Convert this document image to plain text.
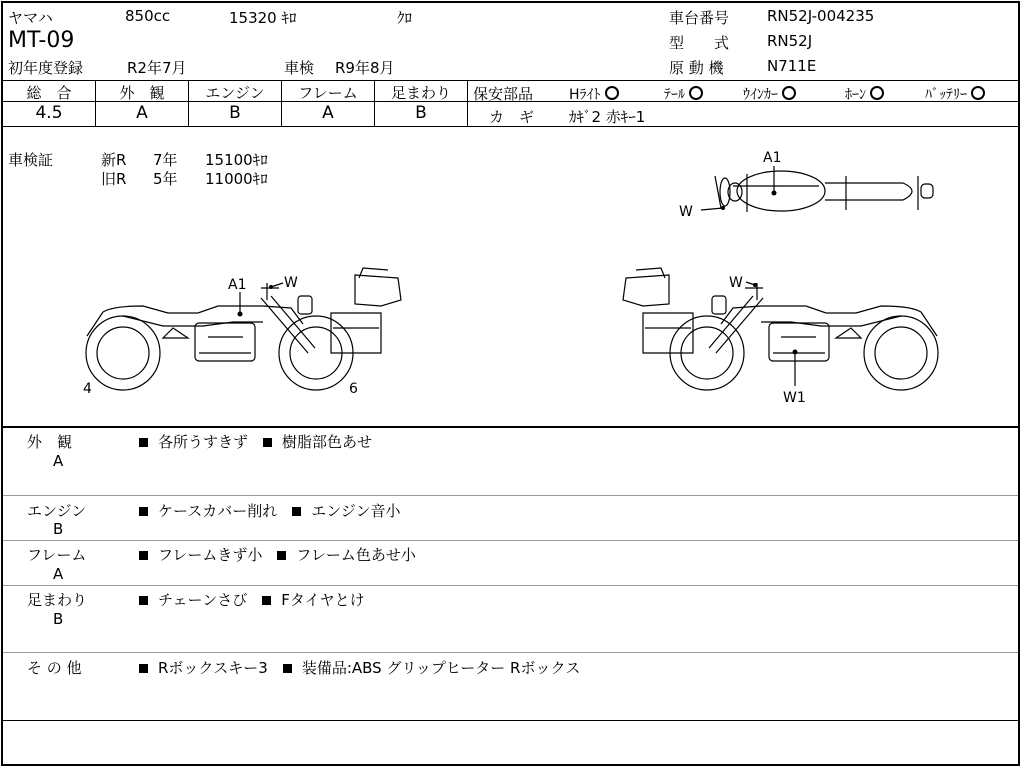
ヤマハ	850cc	15320 ｷﾛ	ｸﾛ
MT-09
初年度登録	R2年7月	車検 R9年8月
車台番号	RN52J-004235
型　　式	RN52J
原 動 機	N711E
総　合	外　観	エンジン	フレーム	足まわり
4.5	A	B	A	B
保安部品	Hﾗｲﾄ	ﾃｰﾙ	ｳｲﾝｶｰ	ﾎｰﾝ	ﾊﾞｯﾃﾘｰ
カ　ギ ｶｷﾞ2 赤ｷｰ1
車検証	新R 7年 15100ｷﾛ
旧R 5年 11000ｷﾛ
A1
W
A1	W
4	6
W
W1
外　観
A
各所うすきず　 樹脂部色あせ
エンジン
B
ケースカバー削れ　 エンジン音小
フレーム
A
フレームきず小　 フレーム色あせ小
足まわり
B
チェーンさび　 Fタイヤとけ
そ の 他	Rボックスキー3　 装備品:ABS グリップヒーター Rボックス
